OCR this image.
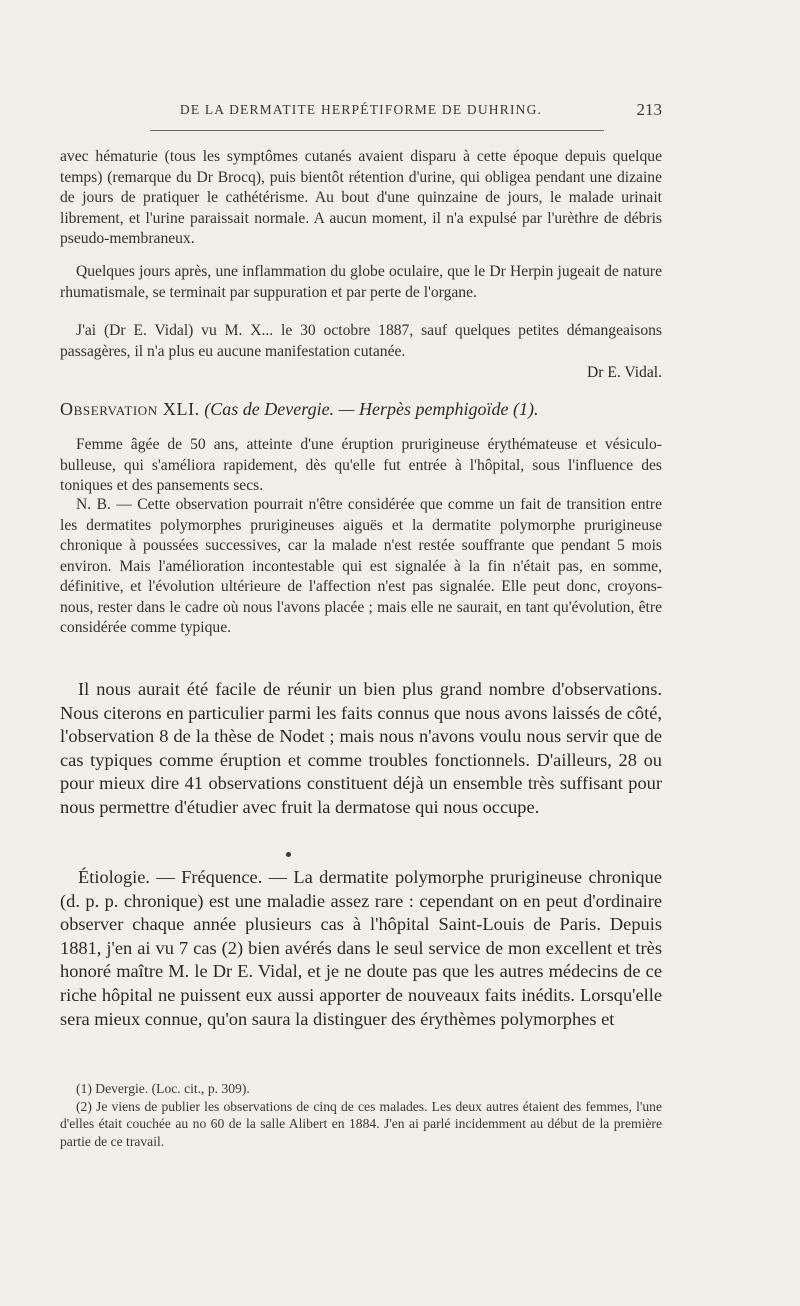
DE LA DERMATITE HERPÉTIFORME DE DUHRING.	213

avec hématurie (tous les symptômes cutanés avaient disparu à cette époque depuis quelque temps) (remarque du Dr Brocq), puis bientôt rétention d'urine, qui obligea pendant une dizaine de jours de pratiquer le cathétérisme. Au bout d'une quinzaine de jours, le malade urinait librement, et l'urine paraissait normale. A aucun moment, il n'a expulsé par l'urèthre de débris pseudo-membraneux.

Quelques jours après, une inflammation du globe oculaire, que le Dr Herpin jugeait de nature rhumatismale, se terminait par suppuration et par perte de l'organe.

J'ai (Dr E. Vidal) vu M. X... le 30 octobre 1887, sauf quelques petites démangeaisons passagères, il n'a plus eu aucune manifestation cutanée.

Dr E. Vidal.
Observation XLI. (Cas de Devergie. — Herpès pemphigoïde (1).

Femme âgée de 50 ans, atteinte d'une éruption prurigineuse érythémateuse et vésiculo-bulleuse, qui s'améliora rapidement, dès qu'elle fut entrée à l'hôpital, sous l'influence des toniques et des pansements secs.

N. B. — Cette observation pourrait n'être considérée que comme un fait de transition entre les dermatites polymorphes prurigineuses aiguës et la dermatite polymorphe prurigineuse chronique à poussées successives, car la malade n'est restée souffrante que pendant 5 mois environ. Mais l'amélioration incontestable qui est signalée à la fin n'était pas, en somme, définitive, et l'évolution ultérieure de l'affection n'est pas signalée. Elle peut donc, croyons-nous, rester dans le cadre où nous l'avons placée ; mais elle ne saurait, en tant qu'évolution, être considérée comme typique.

Il nous aurait été facile de réunir un bien plus grand nombre d'observations. Nous citerons en particulier parmi les faits connus que nous avons laissés de côté, l'observation 8 de la thèse de Nodet ; mais nous n'avons voulu nous servir que de cas typiques comme éruption et comme troubles fonctionnels. D'ailleurs, 28 ou pour mieux dire 41 observations constituent déjà un ensemble très suffisant pour nous permettre d'étudier avec fruit la dermatose qui nous occupe.

Étiologie. — Fréquence. — La dermatite polymorphe prurigineuse chronique (d. p. p. chronique) est une maladie assez rare : cependant on en peut d'ordinaire observer chaque année plusieurs cas à l'hôpital Saint-Louis de Paris. Depuis 1881, j'en ai vu 7 cas (2) bien avérés dans le seul service de mon excellent et très honoré maître M. le Dr E. Vidal, et je ne doute pas que les autres médecins de ce riche hôpital ne puissent eux aussi apporter de nouveaux faits inédits. Lorsqu'elle sera mieux connue, qu'on saura la distinguer des érythèmes polymorphes et

(1) Devergie. (Loc. cit., p. 309).

(2) Je viens de publier les observations de cinq de ces malades. Les deux autres étaient des femmes, l'une d'elles était couchée au no 60 de la salle Alibert en 1884. J'en ai parlé incidemment au début de la première partie de ce travail.
